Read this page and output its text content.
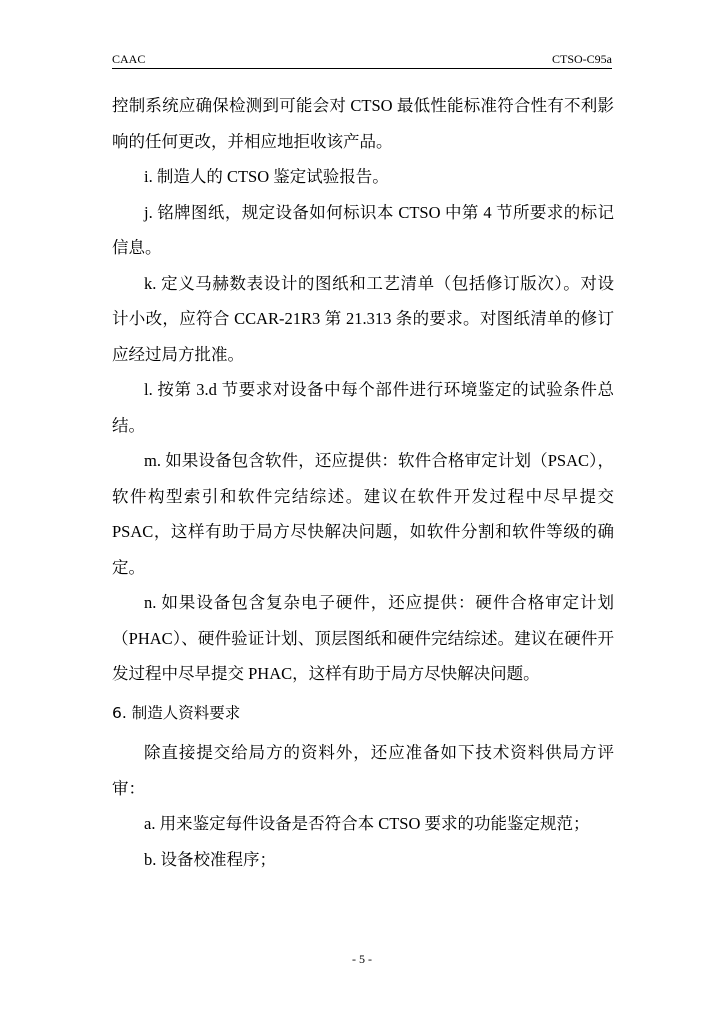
CAAC	CTSO-C95a

控制系统应确保检测到可能会对 CTSO 最低性能标准符合性有不利影响的任何更改，并相应地拒收该产品。

i. 制造人的 CTSO 鉴定试验报告。

j. 铭牌图纸，规定设备如何标识本 CTSO 中第 4 节所要求的标记信息。

k. 定义马赫数表设计的图纸和工艺清单（包括修订版次）。对设计小改，应符合 CCAR-21R3 第 21.313 条的要求。对图纸清单的修订应经过局方批准。

l. 按第 3.d 节要求对设备中每个部件进行环境鉴定的试验条件总结。

m. 如果设备包含软件，还应提供：软件合格审定计划（PSAC），软件构型索引和软件完结综述。建议在软件开发过程中尽早提交 PSAC，这样有助于局方尽快解决问题，如软件分割和软件等级的确定。

n. 如果设备包含复杂电子硬件，还应提供：硬件合格审定计划（PHAC）、硬件验证计划、顶层图纸和硬件完结综述。建议在硬件开发过程中尽早提交 PHAC，这样有助于局方尽快解决问题。

6. 制造人资料要求

除直接提交给局方的资料外，还应准备如下技术资料供局方评审：

a. 用来鉴定每件设备是否符合本 CTSO 要求的功能鉴定规范；

b. 设备校准程序；

- 5 -
